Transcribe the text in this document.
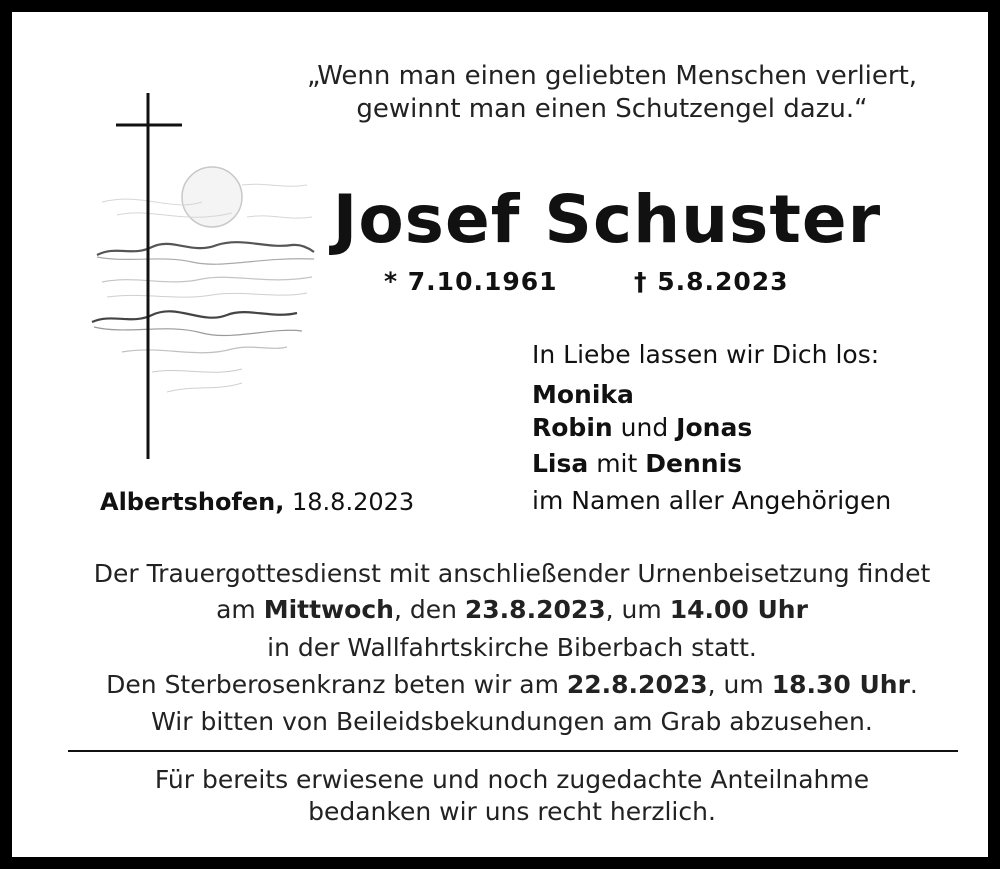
„Wenn man einen geliebten Menschen verliert,
gewinnt man einen Schutzengel dazu.“
Josef Schuster
* 7.10.1961	† 5.8.2023
In Liebe lassen wir Dich los:
Monika
Robin und Jonas
Lisa mit Dennis
im Namen aller Angehörigen
Albertshofen, 18.8.2023
Der Trauergottesdienst mit anschließender Urnenbeisetzung findet
am Mittwoch, den 23.8.2023, um 14.00 Uhr
in der Wallfahrtskirche Biberbach statt.
Den Sterberosenkranz beten wir am 22.8.2023, um 18.30 Uhr.
Wir bitten von Beileidsbekundungen am Grab abzusehen.
Für bereits erwiesene und noch zugedachte Anteilnahme
bedanken wir uns recht herzlich.
